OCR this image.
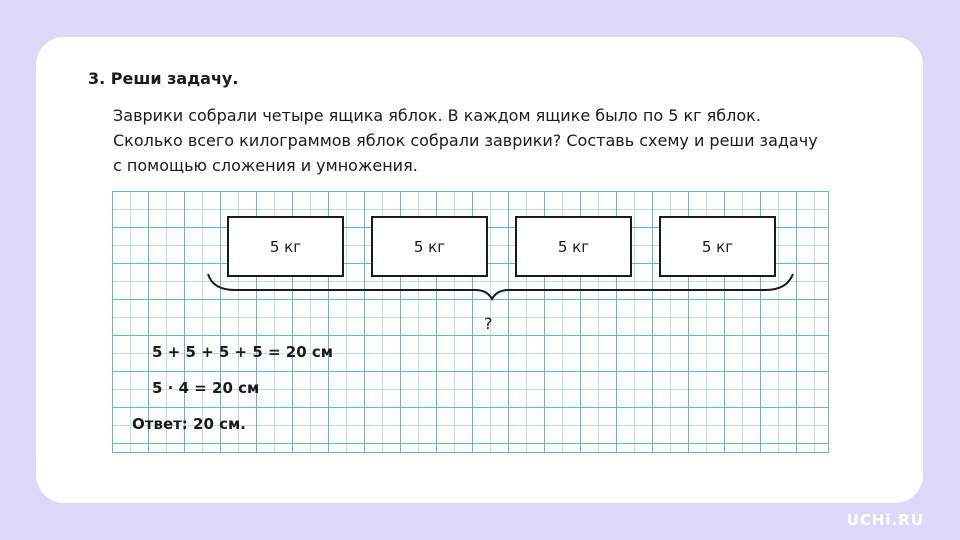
3. Реши задачу.
Заврики собрали четыре ящика яблок. В каждом ящике было по 5 кг яблок.
Сколько всего килограммов яблок собрали заврики? Составь схему и реши задачу
с помощью сложения и умножения.
5 кг	5 кг	5 кг	5 кг
?
5 + 5 + 5 + 5 = 20 см
5 · 4 = 20 см
Ответ: 20 см.
UCHi.RU
